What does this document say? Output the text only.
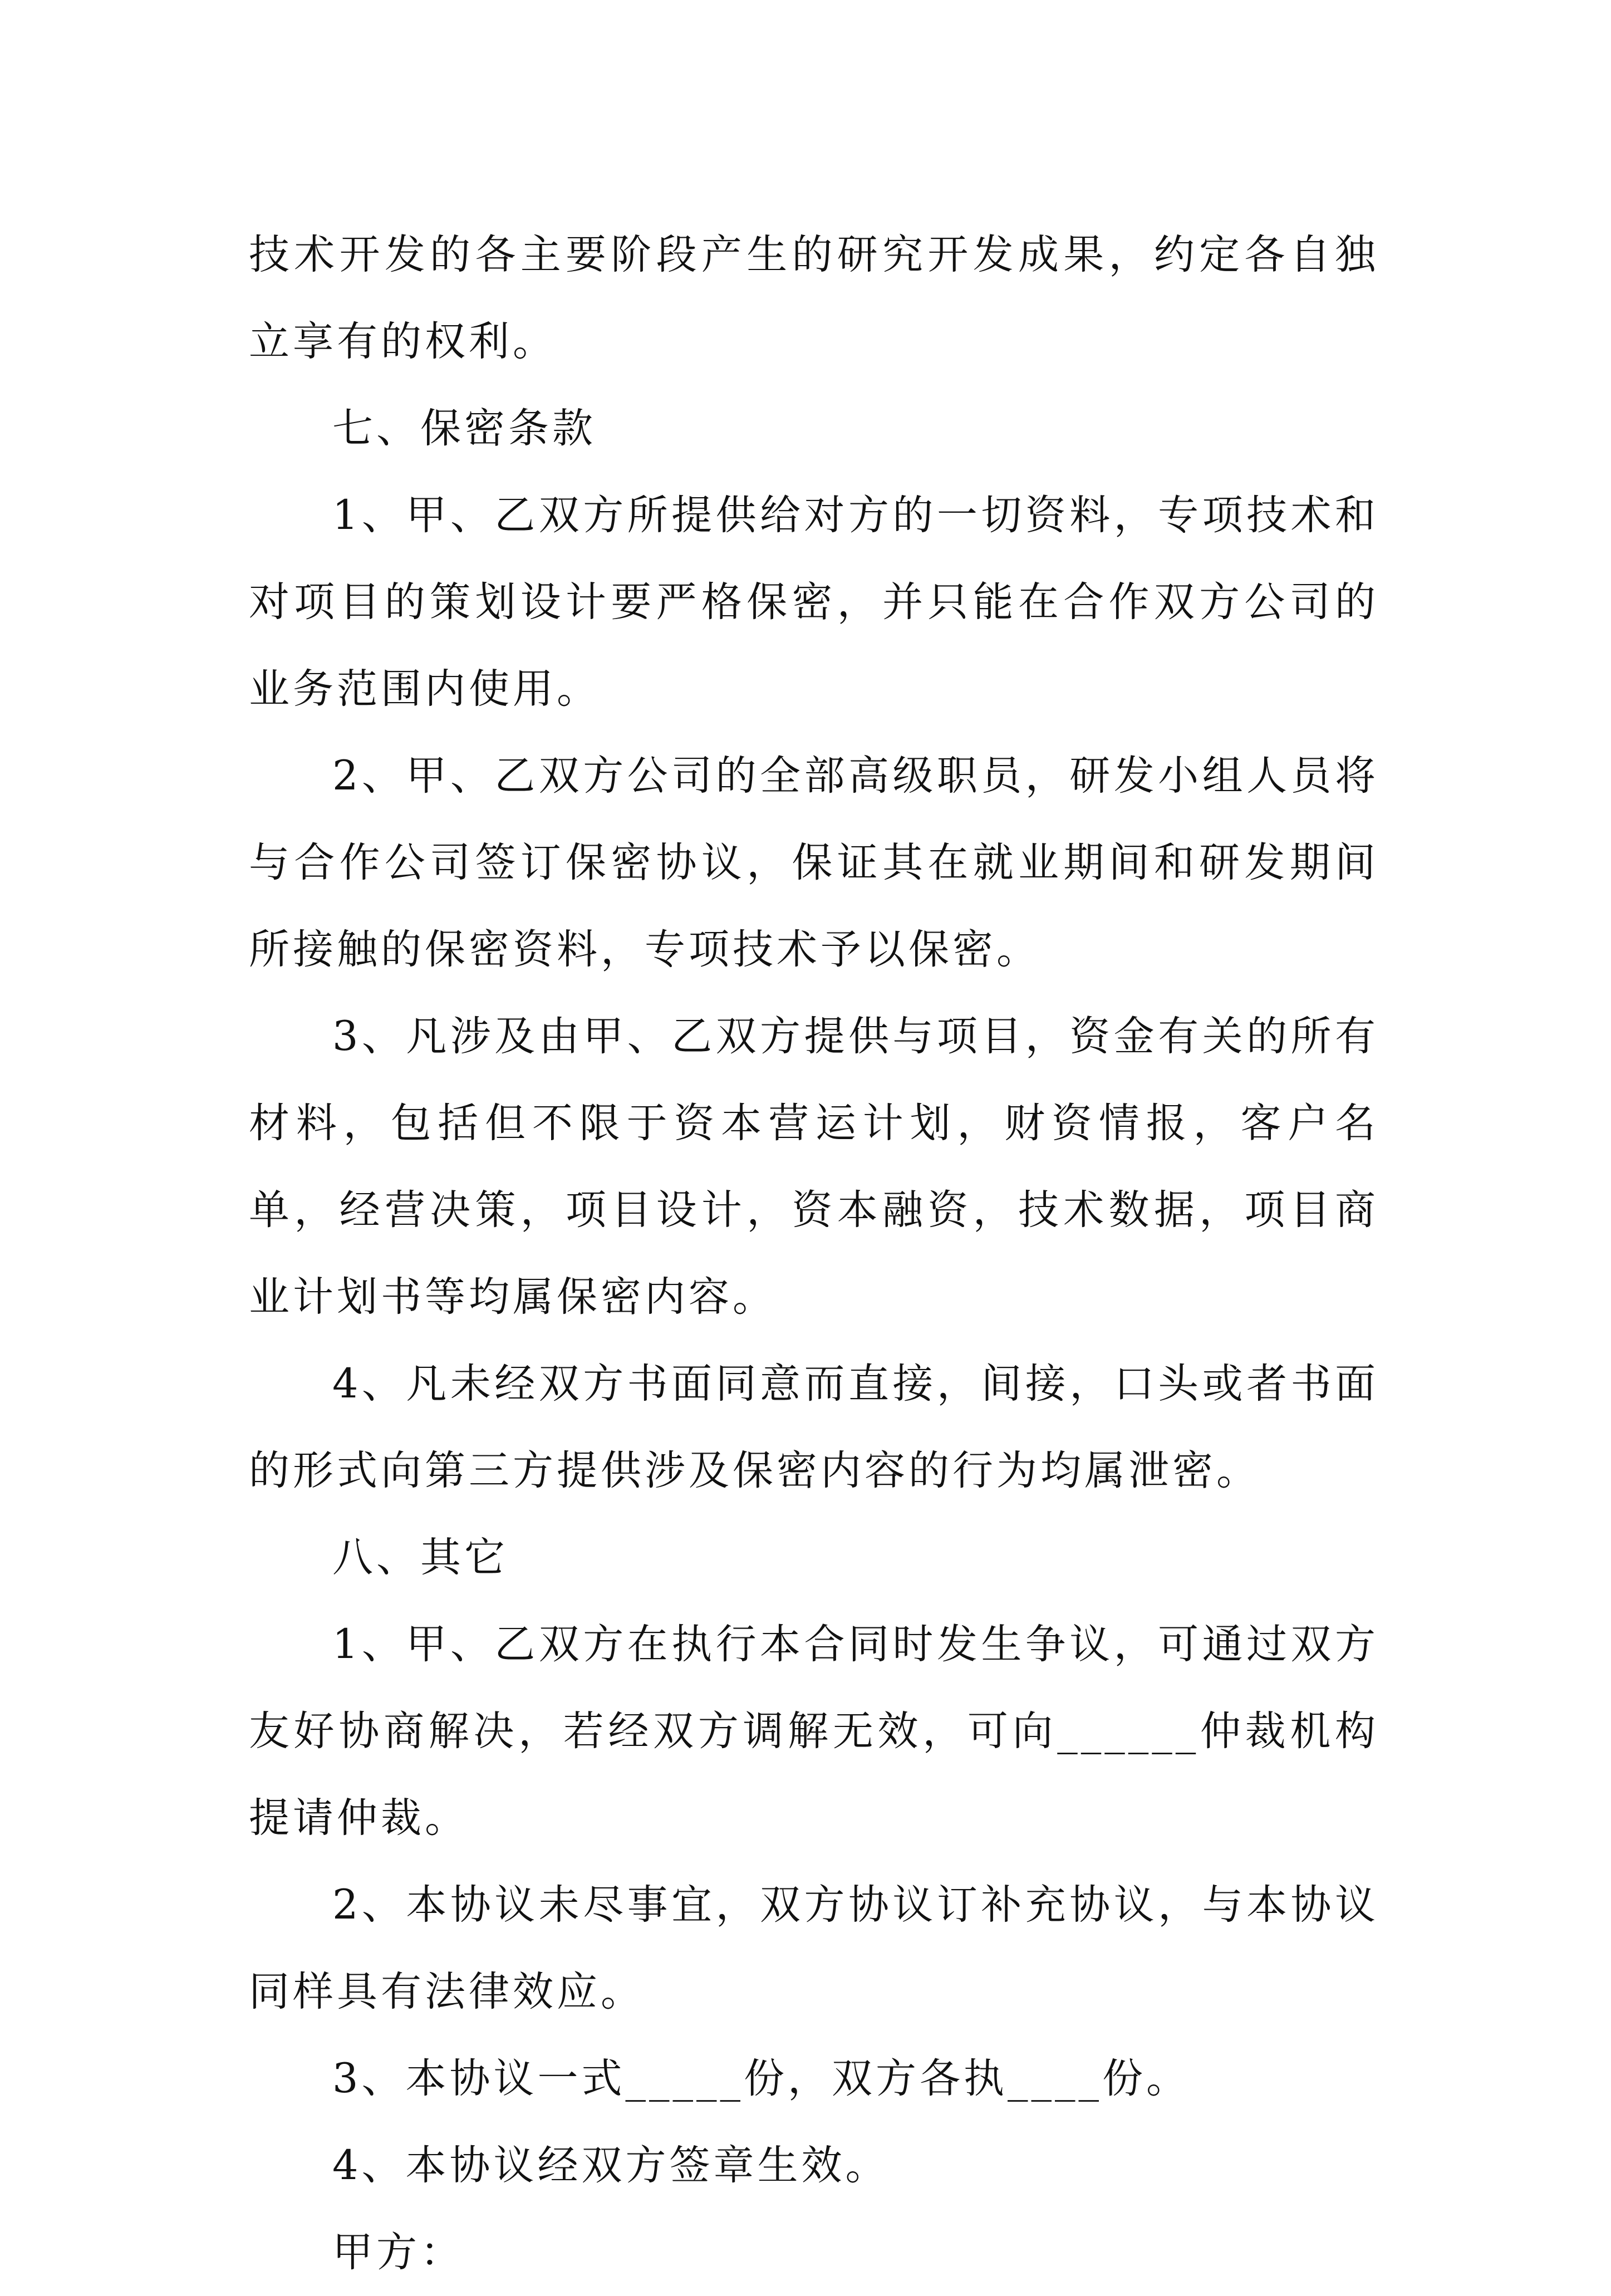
技术开发的各主要阶段产生的研究开发成果，约定各自独立享有的权利。

七、保密条款

1、甲、乙双方所提供给对方的一切资料，专项技术和对项目的策划设计要严格保密，并只能在合作双方公司的业务范围内使用。

2、甲、乙双方公司的全部高级职员，研发小组人员将与合作公司签订保密协议，保证其在就业期间和研发期间所接触的保密资料，专项技术予以保密。

3、凡涉及由甲、乙双方提供与项目，资金有关的所有材料，包括但不限于资本营运计划，财资情报，客户名单，经营决策，项目设计，资本融资，技术数据，项目商业计划书等均属保密内容。

4、凡未经双方书面同意而直接，间接，口头或者书面的形式向第三方提供涉及保密内容的行为均属泄密。

八、其它

1、甲、乙双方在执行本合同时发生争议，可通过双方友好协商解决，若经双方调解无效，可向______仲裁机构提请仲裁。

2、本协议未尽事宜，双方协议订补充协议，与本协议同样具有法律效应。

3、本协议一式_____份，双方各执____份。

4、本协议经双方签章生效。

甲方：
